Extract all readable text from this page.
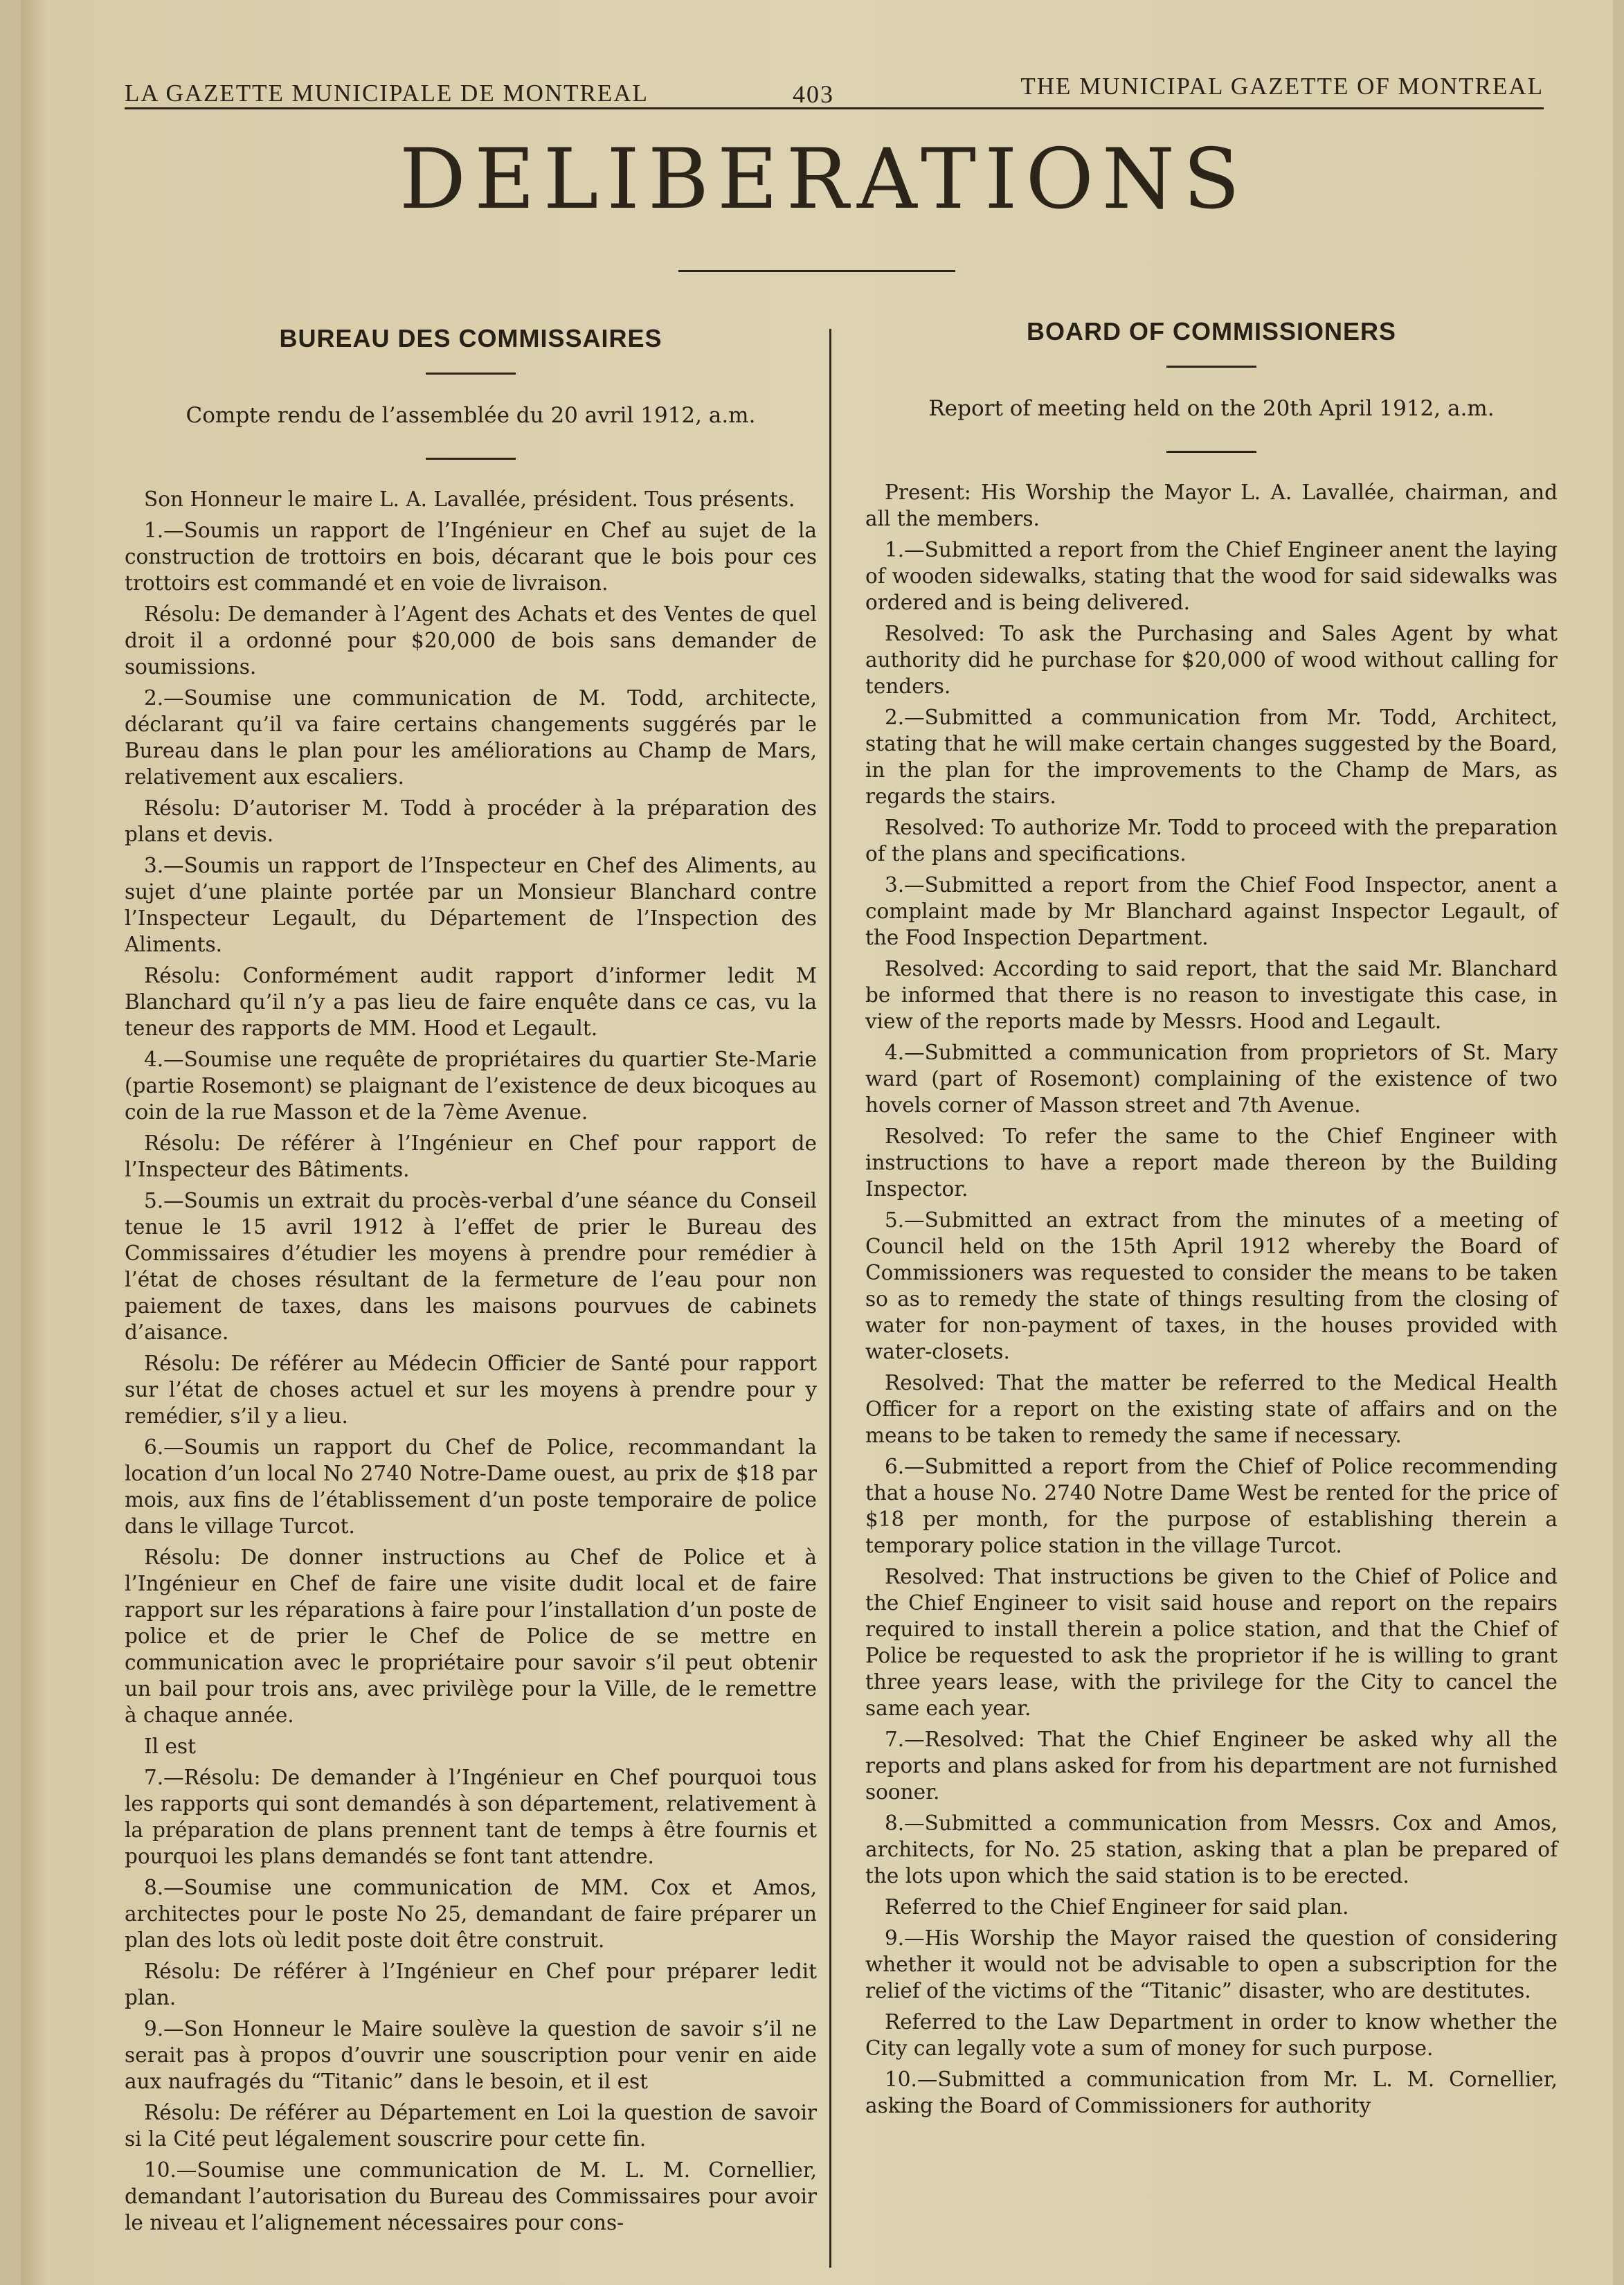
LA GAZETTE MUNICIPALE DE MONTREAL	403	THE MUNICIPAL GAZETTE OF MONTREAL
DELIBERATIONS
BUREAU DES COMMISSAIRES

Compte rendu de l’assemblée du 20 avril 1912, a.m.

Son Honneur le maire L. A. Lavallée, président. Tous présents.

1.—Soumis un rapport de l’Ingénieur en Chef au sujet de la construction de trottoirs en bois, décarant que le bois pour ces trottoirs est commandé et en voie de livraison.

Résolu: De demander à l’Agent des Achats et des Ventes de quel droit il a ordonné pour $20,000 de bois sans demander de soumissions.

2.—Soumise une communication de M. Todd, architecte, déclarant qu’il va faire certains changements suggérés par le Bureau dans le plan pour les améliorations au Champ de Mars, relativement aux escaliers.

Résolu: D’autoriser M. Todd à procéder à la préparation des plans et devis.

3.—Soumis un rapport de l’Inspecteur en Chef des Aliments, au sujet d’une plainte portée par un Monsieur Blanchard contre l’Inspecteur Legault, du Département de l’Inspection des Aliments.

Résolu: Conformément audit rapport d’informer ledit M Blanchard qu’il n’y a pas lieu de faire enquête dans ce cas, vu la teneur des rapports de MM. Hood et Legault.

4.—Soumise une requête de propriétaires du quartier Ste-Marie (partie Rosemont) se plaignant de l’existence de deux bicoques au coin de la rue Masson et de la 7ème Avenue.

Résolu: De référer à l’Ingénieur en Chef pour rapport de l’Inspecteur des Bâtiments.

5.—Soumis un extrait du procès-verbal d’une séance du Conseil tenue le 15 avril 1912 à l’effet de prier le Bureau des Commissaires d’étudier les moyens à prendre pour remédier à l’état de choses résultant de la fermeture de l’eau pour non paiement de taxes, dans les maisons pourvues de cabinets d’aisance.

Résolu: De référer au Médecin Officier de Santé pour rapport sur l’état de choses actuel et sur les moyens à prendre pour y remédier, s’il y a lieu.

6.—Soumis un rapport du Chef de Police, recommandant la location d’un local No 2740 Notre-Dame ouest, au prix de $18 par mois, aux fins de l’établissement d’un poste temporaire de police dans le village Turcot.

Résolu: De donner instructions au Chef de Police et à l’Ingénieur en Chef de faire une visite dudit local et de faire rapport sur les réparations à faire pour l’installation d’un poste de police et de prier le Chef de Police de se mettre en communication avec le propriétaire pour savoir s’il peut obtenir un bail pour trois ans, avec privilège pour la Ville, de le remettre à chaque année.

Il est

7.—Résolu: De demander à l’Ingénieur en Chef pourquoi tous les rapports qui sont demandés à son département, relativement à la préparation de plans prennent tant de temps à être fournis et pourquoi les plans demandés se font tant attendre.

8.—Soumise une communication de MM. Cox et Amos, architectes pour le poste No 25, demandant de faire préparer un plan des lots où ledit poste doit être construit.

Résolu: De référer à l’Ingénieur en Chef pour préparer ledit plan.

9.—Son Honneur le Maire soulève la question de savoir s’il ne serait pas à propos d’ouvrir une souscription pour venir en aide aux naufragés du “Titanic” dans le besoin, et il est

Résolu: De référer au Département en Loi la question de savoir si la Cité peut légalement souscrire pour cette fin.

10.—Soumise une communication de M. L. M. Cornellier, demandant l’autorisation du Bureau des Commissaires pour avoir le niveau et l’alignement nécessaires pour cons-

BOARD OF COMMISSIONERS

Report of meeting held on the 20th April 1912, a.m.

Present: His Worship the Mayor L. A. Lavallée, chairman, and all the members.

1.—Submitted a report from the Chief Engineer anent the laying of wooden sidewalks, stating that the wood for said sidewalks was ordered and is being delivered.

Resolved: To ask the Purchasing and Sales Agent by what authority did he purchase for $20,000 of wood without calling for tenders.

2.—Submitted a communication from Mr. Todd, Architect, stating that he will make certain changes suggested by the Board, in the plan for the improvements to the Champ de Mars, as regards the stairs.

Resolved: To authorize Mr. Todd to proceed with the preparation of the plans and specifications.

3.—Submitted a report from the Chief Food Inspector, anent a complaint made by Mr Blanchard against Inspector Legault, of the Food Inspection Department.

Resolved: According to said report, that the said Mr. Blanchard be informed that there is no reason to investigate this case, in view of the reports made by Messrs. Hood and Legault.

4.—Submitted a communication from proprietors of St. Mary ward (part of Rosemont) complaining of the existence of two hovels corner of Masson street and 7th Avenue.

Resolved: To refer the same to the Chief Engineer with instructions to have a report made thereon by the Building Inspector.

5.—Submitted an extract from the minutes of a meeting of Council held on the 15th April 1912 whereby the Board of Commissioners was requested to consider the means to be taken so as to remedy the state of things resulting from the closing of water for non-payment of taxes, in the houses provided with water-closets.

Resolved: That the matter be referred to the Medical Health Officer for a report on the existing state of affairs and on the means to be taken to remedy the same if necessary.

6.—Submitted a report from the Chief of Police recommending that a house No. 2740 Notre Dame West be rented for the price of $18 per month, for the purpose of establishing therein a temporary police station in the village Turcot.

Resolved: That instructions be given to the Chief of Police and the Chief Engineer to visit said house and report on the repairs required to install therein a police station, and that the Chief of Police be requested to ask the proprietor if he is willing to grant three years lease, with the privilege for the City to cancel the same each year.

7.—Resolved: That the Chief Engineer be asked why all the reports and plans asked for from his department are not furnished sooner.

8.—Submitted a communication from Messrs. Cox and Amos, architects, for No. 25 station, asking that a plan be prepared of the lots upon which the said station is to be erected.

Referred to the Chief Engineer for said plan.

9.—His Worship the Mayor raised the question of considering whether it would not be advisable to open a subscription for the relief of the victims of the “Titanic” disaster, who are destitutes.

Referred to the Law Department in order to know whether the City can legally vote a sum of money for such purpose.

10.—Submitted a communication from Mr. L. M. Cornellier, asking the Board of Commissioners for authority
